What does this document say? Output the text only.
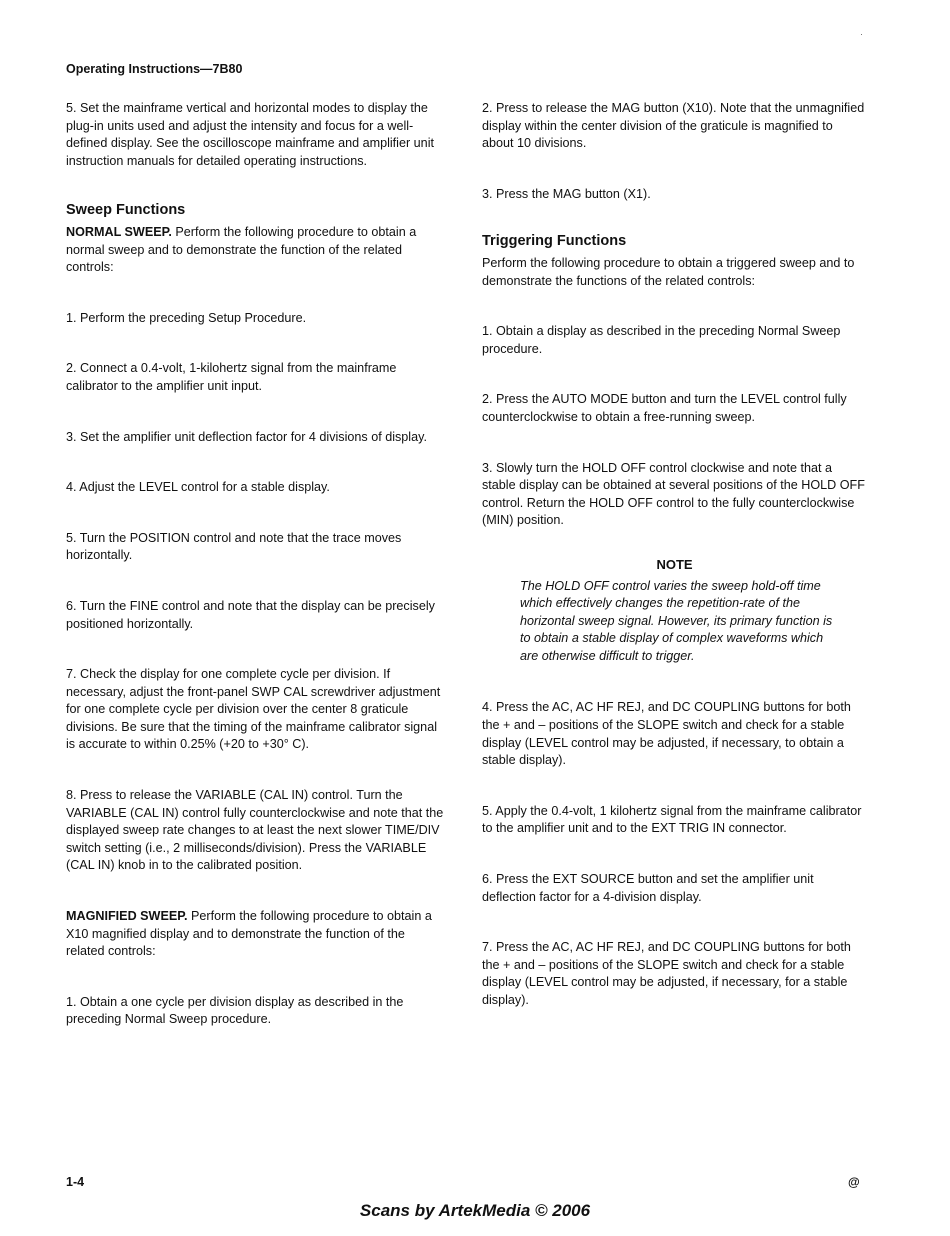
Operating Instructions—7B80

5. Set the mainframe vertical and horizontal modes to display the plug-in units used and adjust the intensity and focus for a well-defined display. See the oscilloscope mainframe and amplifier unit instruction manuals for detailed operating instructions.

Sweep Functions

NORMAL SWEEP. Perform the following procedure to obtain a normal sweep and to demonstrate the function of the related controls:

1. Perform the preceding Setup Procedure.

2. Connect a 0.4-volt, 1-kilohertz signal from the mainframe calibrator to the amplifier unit input.

3. Set the amplifier unit deflection factor for 4 divisions of display.

4. Adjust the LEVEL control for a stable display.

5. Turn the POSITION control and note that the trace moves horizontally.

6. Turn the FINE control and note that the display can be precisely positioned horizontally.

7. Check the display for one complete cycle per division. If necessary, adjust the front-panel SWP CAL screwdriver adjustment for one complete cycle per division over the center 8 graticule divisions. Be sure that the timing of the mainframe calibrator signal is accurate to within 0.25% (+20 to +30° C).

8. Press to release the VARIABLE (CAL IN) control. Turn the VARIABLE (CAL IN) control fully counterclockwise and note that the displayed sweep rate changes to at least the next slower TIME/DIV switch setting (i.e., 2 milliseconds/division). Press the VARIABLE (CAL IN) knob in to the calibrated position.

MAGNIFIED SWEEP. Perform the following procedure to obtain a X10 magnified display and to demonstrate the function of the related controls:

1. Obtain a one cycle per division display as described in the preceding Normal Sweep procedure.

2. Press to release the MAG button (X10). Note that the unmagnified display within the center division of the graticule is magnified to about 10 divisions.

3. Press the MAG button (X1).

Triggering Functions

Perform the following procedure to obtain a triggered sweep and to demonstrate the functions of the related controls:

1. Obtain a display as described in the preceding Normal Sweep procedure.

2. Press the AUTO MODE button and turn the LEVEL control fully counterclockwise to obtain a free-running sweep.

3. Slowly turn the HOLD OFF control clockwise and note that a stable display can be obtained at several positions of the HOLD OFF control. Return the HOLD OFF control to the fully counterclockwise (MIN) position.

NOTE

The HOLD OFF control varies the sweep hold-off time which effectively changes the repetition-rate of the horizontal sweep signal. However, its primary function is to obtain a stable display of complex waveforms which are otherwise difficult to trigger.

4. Press the AC, AC HF REJ, and DC COUPLING buttons for both the + and – positions of the SLOPE switch and check for a stable display (LEVEL control may be adjusted, if necessary, to obtain a stable display).

5. Apply the 0.4-volt, 1 kilohertz signal from the mainframe calibrator to the amplifier unit and to the EXT TRIG IN connector.

6. Press the EXT SOURCE button and set the amplifier unit deflection factor for a 4-division display.

7. Press the AC, AC HF REJ, and DC COUPLING buttons for both the + and – positions of the SLOPE switch and check for a stable display (LEVEL control may be adjusted, if necessary, for a stable display).

1-4	@
Scans by ArtekMedia © 2006
